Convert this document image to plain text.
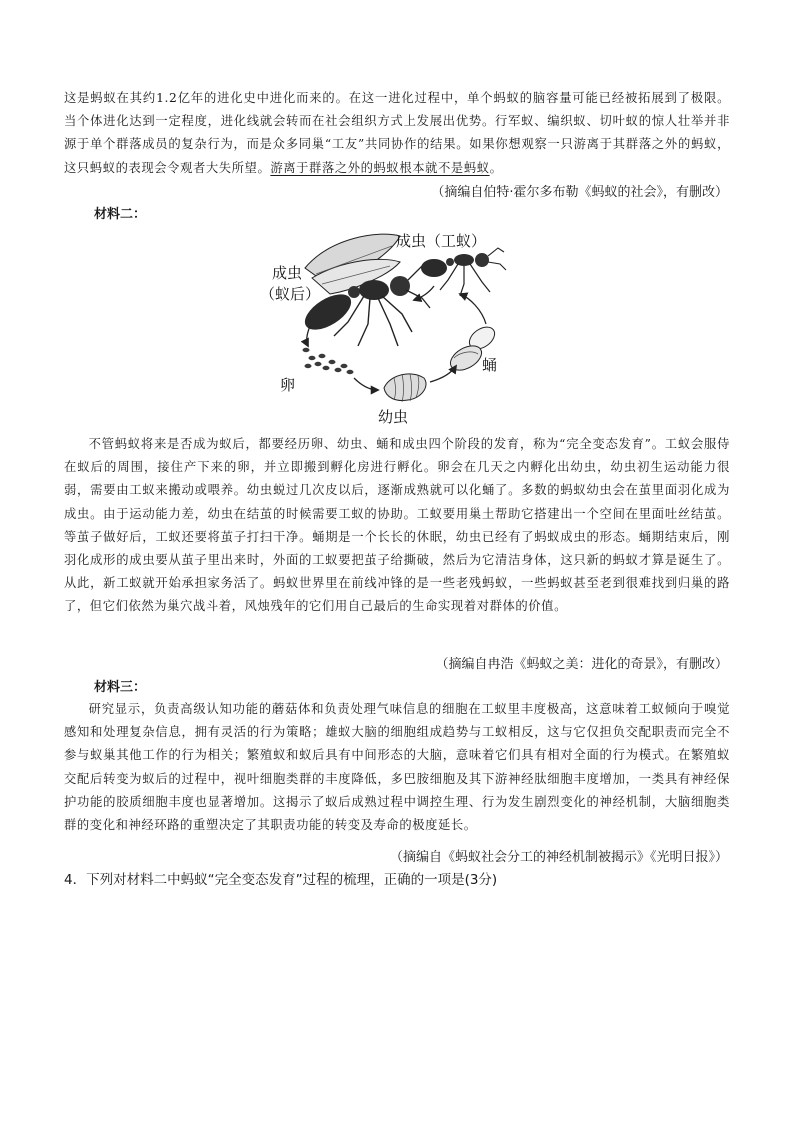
这是蚂蚁在其约1.2亿年的进化史中进化而来的。在这一进化过程中，单个蚂蚁的脑容量可能已经被拓展到了极限。当个体进化达到一定程度，进化线就会转而在社会组织方式上发展出优势。行军蚁、编织蚁、切叶蚁的惊人壮举并非源于单个群落成员的复杂行为，而是众多同巢“工友”共同协作的结果。如果你想观察一只游离于其群落之外的蚂蚁，这只蚂蚁的表现会令观者大失所望。游离于群落之外的蚂蚁根本就不是蚂蚁。

（摘编自伯特·霍尔多布勒《蚂蚁的社会》，有删改）

材料二：

成虫（工蚁）
成虫
（蚁后）
卵
幼虫
蛹

不管蚂蚁将来是否成为蚁后，都要经历卵、幼虫、蛹和成虫四个阶段的发育，称为“完全变态发育”。工蚁会服侍在蚁后的周围，接住产下来的卵，并立即搬到孵化房进行孵化。卵会在几天之内孵化出幼虫，幼虫初生运动能力很弱，需要由工蚁来搬动或喂养。幼虫蜕过几次皮以后，逐渐成熟就可以化蛹了。多数的蚂蚁幼虫会在茧里面羽化成为成虫。由于运动能力差，幼虫在结茧的时候需要工蚁的协助。工蚁要用巢土帮助它搭建出一个空间在里面吐丝结茧。等茧子做好后，工蚁还要将茧子打扫干净。蛹期是一个长长的休眠，幼虫已经有了蚂蚁成虫的形态。蛹期结束后，刚羽化成形的成虫要从茧子里出来时，外面的工蚁要把茧子给撕破，然后为它清洁身体，这只新的蚂蚁才算是诞生了。从此，新工蚁就开始承担家务活了。蚂蚁世界里在前线冲锋的是一些老残蚂蚁，一些蚂蚁甚至老到很难找到归巢的路了，但它们依然为巢穴战斗着，风烛残年的它们用自己最后的生命实现着对群体的价值。

（摘编自冉浩《蚂蚁之美：进化的奇景》，有删改）

材料三：

研究显示，负责高级认知功能的蘑菇体和负责处理气味信息的细胞在工蚁里丰度极高，这意味着工蚁倾向于嗅觉感知和处理复杂信息，拥有灵活的行为策略；雄蚁大脑的细胞组成趋势与工蚁相反，这与它仅担负交配职责而完全不参与蚁巢其他工作的行为相关；繁殖蚁和蚁后具有中间形态的大脑，意味着它们具有相对全面的行为模式。在繁殖蚁交配后转变为蚁后的过程中，视叶细胞类群的丰度降低，多巴胺细胞及其下游神经肽细胞丰度增加，一类具有神经保护功能的胶质细胞丰度也显著增加。这揭示了蚁后成熟过程中调控生理、行为发生剧烈变化的神经机制，大脑细胞类群的变化和神经环路的重塑决定了其职责功能的转变及寿命的极度延长。

（摘编自《蚂蚁社会分工的神经机制被揭示》《光明日报》）

4．下列对材料二中蚂蚁“完全变态发育”过程的梳理，正确的一项是(3分)
